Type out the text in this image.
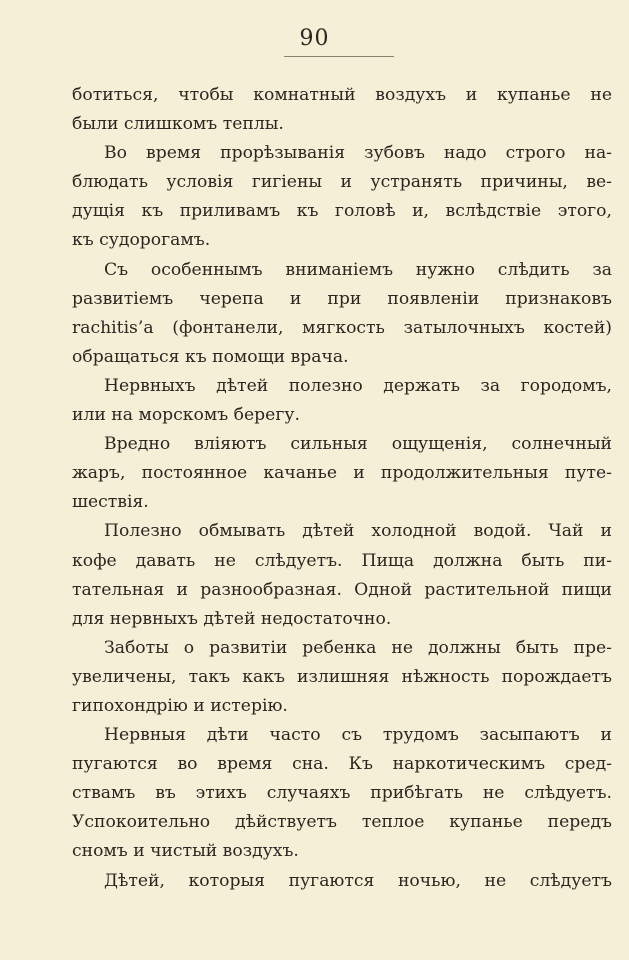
90
ботиться, чтобы комнатный воздухъ и купанье не
были слишкомъ теплы.
Во время прорѣзыванія зубовъ надо строго на-
блюдать условія гигіены и устранять причины, ве-
дущія къ приливамъ къ головѣ и, вслѣдствіе этого,
къ судорогамъ.
Съ особеннымъ вниманіемъ нужно слѣдить за
развитіемъ черепа и при появленіи признаковъ
rachitis’a (фонтанели, мягкость затылочныхъ костей)
обращаться къ помощи врача.
Нервныхъ дѣтей полезно держать за городомъ,
или на морскомъ берегу.
Вредно вліяютъ сильныя ощущенія, солнечный
жаръ, постоянное качанье и продолжительныя путе-
шествія.
Полезно обмывать дѣтей холодной водой. Чай и
кофе давать не слѣдуетъ. Пища должна быть пи-
тательная и разнообразная. Одной растительной пищи
для нервныхъ дѣтей недостаточно.
Заботы о развитіи ребенка не должны быть пре-
увеличены, такъ какъ излишняя нѣжность порождаетъ
гипохондрію и истерію.
Нервныя дѣти часто съ трудомъ засыпаютъ и
пугаются во время сна. Къ наркотическимъ сред-
ствамъ въ этихъ случаяхъ прибѣгать не слѣдуетъ.
Успокоительно дѣйствуетъ теплое купанье передъ
сномъ и чистый воздухъ.
Дѣтей, которыя пугаются ночью, не слѣдуетъ
